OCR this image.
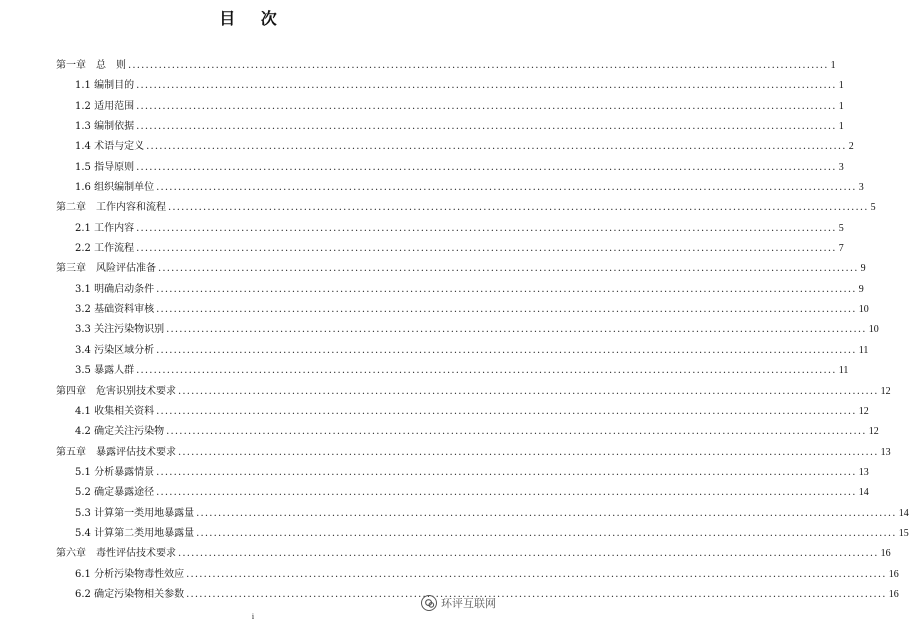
目 次
第一章　总　则 ................................................................................................................................................................ 1
1.1 编制目的 ................................................................................................................................................................ 1
1.2 适用范围 ................................................................................................................................................................ 1
1.3 编制依据 ................................................................................................................................................................ 1
1.4 术语与定义 ................................................................................................................................................................ 2
1.5 指导原则 ................................................................................................................................................................ 3
1.6 组织编制单位 ................................................................................................................................................................ 3
第二章　工作内容和流程 ................................................................................................................................................................ 5
2.1 工作内容 ................................................................................................................................................................ 5
2.2 工作流程 ................................................................................................................................................................ 7
第三章　风险评估准备 ................................................................................................................................................................ 9
3.1 明确启动条件 ................................................................................................................................................................ 9
3.2 基础资料审核 ................................................................................................................................................................ 10
3.3 关注污染物识别 ................................................................................................................................................................ 10
3.4 污染区域分析 ................................................................................................................................................................ 11
3.5 暴露人群 ................................................................................................................................................................ 11
第四章　危害识别技术要求 ................................................................................................................................................................ 12
4.1 收集相关资料 ................................................................................................................................................................ 12
4.2 确定关注污染物 ................................................................................................................................................................ 12
第五章　暴露评估技术要求 ................................................................................................................................................................ 13
5.1 分析暴露情景 ................................................................................................................................................................ 13
5.2 确定暴露途径 ................................................................................................................................................................ 14
5.3 计算第一类用地暴露量 ................................................................................................................................................................ 14
5.4 计算第二类用地暴露量 ................................................................................................................................................................ 15
第六章　毒性评估技术要求 ................................................................................................................................................................ 16
6.1 分析污染物毒性效应 ................................................................................................................................................................ 16
6.2 确定污染物相关参数 ................................................................................................................................................................ 16
i
环评互联网
